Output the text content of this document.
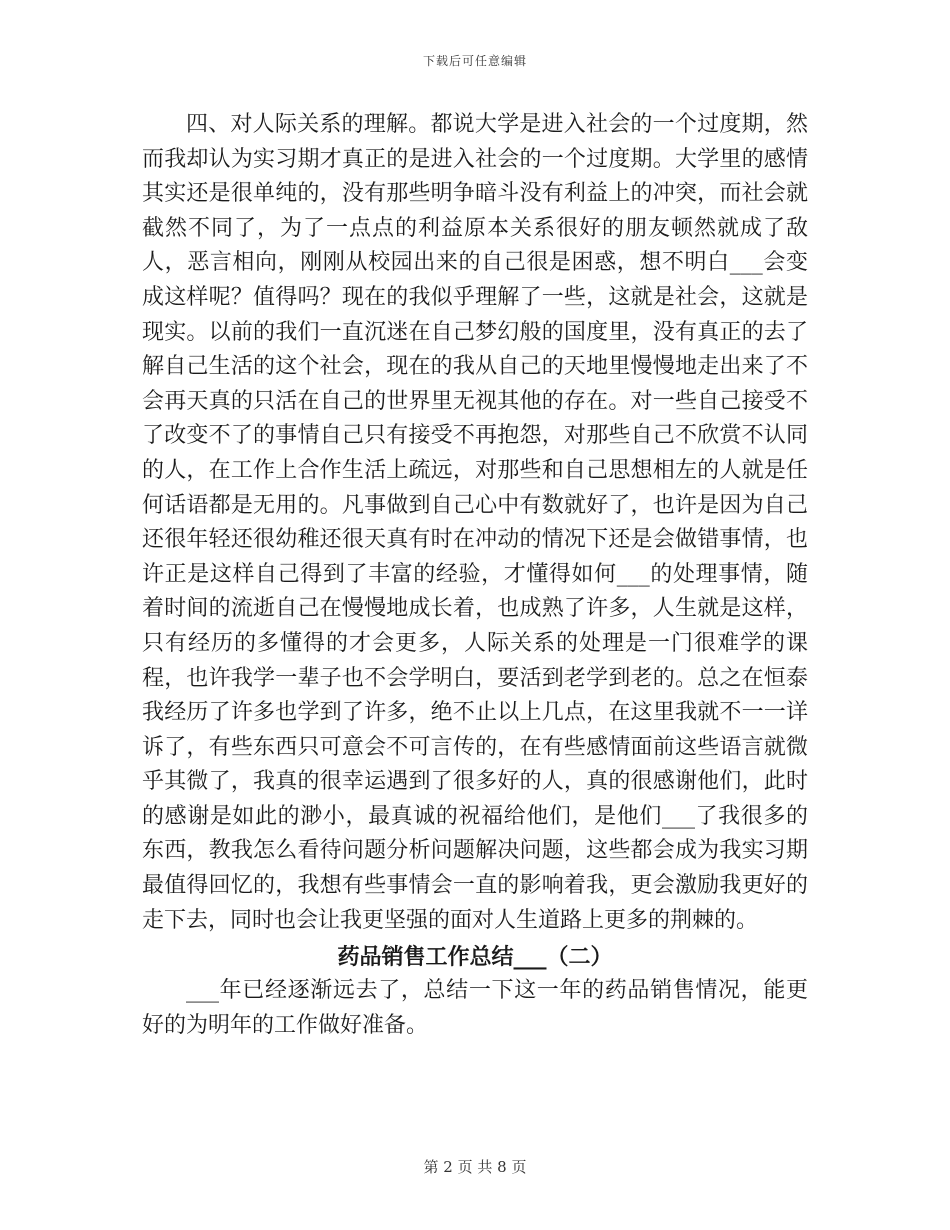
下载后可任意编辑

四、对人际关系的理解。都说大学是进入社会的一个过度期，然而我却认为实习期才真正的是进入社会的一个过度期。大学里的感情其实还是很单纯的，没有那些明争暗斗没有利益上的冲突，而社会就截然不同了，为了一点点的利益原本关系很好的朋友顿然就成了敌人，恶言相向，刚刚从校园出来的自己很是困惑，想不明白___会变成这样呢？值得吗？现在的我似乎理解了一些，这就是社会，这就是现实。以前的我们一直沉迷在自己梦幻般的国度里，没有真正的去了解自己生活的这个社会，现在的我从自己的天地里慢慢地走出来了不会再天真的只活在自己的世界里无视其他的存在。对一些自己接受不了改变不了的事情自己只有接受不再抱怨，对那些自己不欣赏不认同的人，在工作上合作生活上疏远，对那些和自己思想相左的人就是任何话语都是无用的。凡事做到自己心中有数就好了，也许是因为自己还很年轻还很幼稚还很天真有时在冲动的情况下还是会做错事情，也许正是这样自己得到了丰富的经验，才懂得如何___的处理事情，随着时间的流逝自己在慢慢地成长着，也成熟了许多，人生就是这样，只有经历的多懂得的才会更多，人际关系的处理是一门很难学的课程，也许我学一辈子也不会学明白，要活到老学到老的。总之在恒泰我经历了许多也学到了许多，绝不止以上几点，在这里我就不一一详诉了，有些东西只可意会不可言传的，在有些感情面前这些语言就微乎其微了，我真的很幸运遇到了很多好的人，真的很感谢他们，此时的感谢是如此的渺小，最真诚的祝福给他们，是他们___了我很多的东西，教我怎么看待问题分析问题解决问题，这些都会成为我实习期最值得回忆的，我想有些事情会一直的影响着我，更会激励我更好的走下去，同时也会让我更坚强的面对人生道路上更多的荆棘的。

药品销售工作总结___（二）

___年已经逐渐远去了，总结一下这一年的药品销售情况，能更好的为明年的工作做好准备。

第 2 页 共 8 页
